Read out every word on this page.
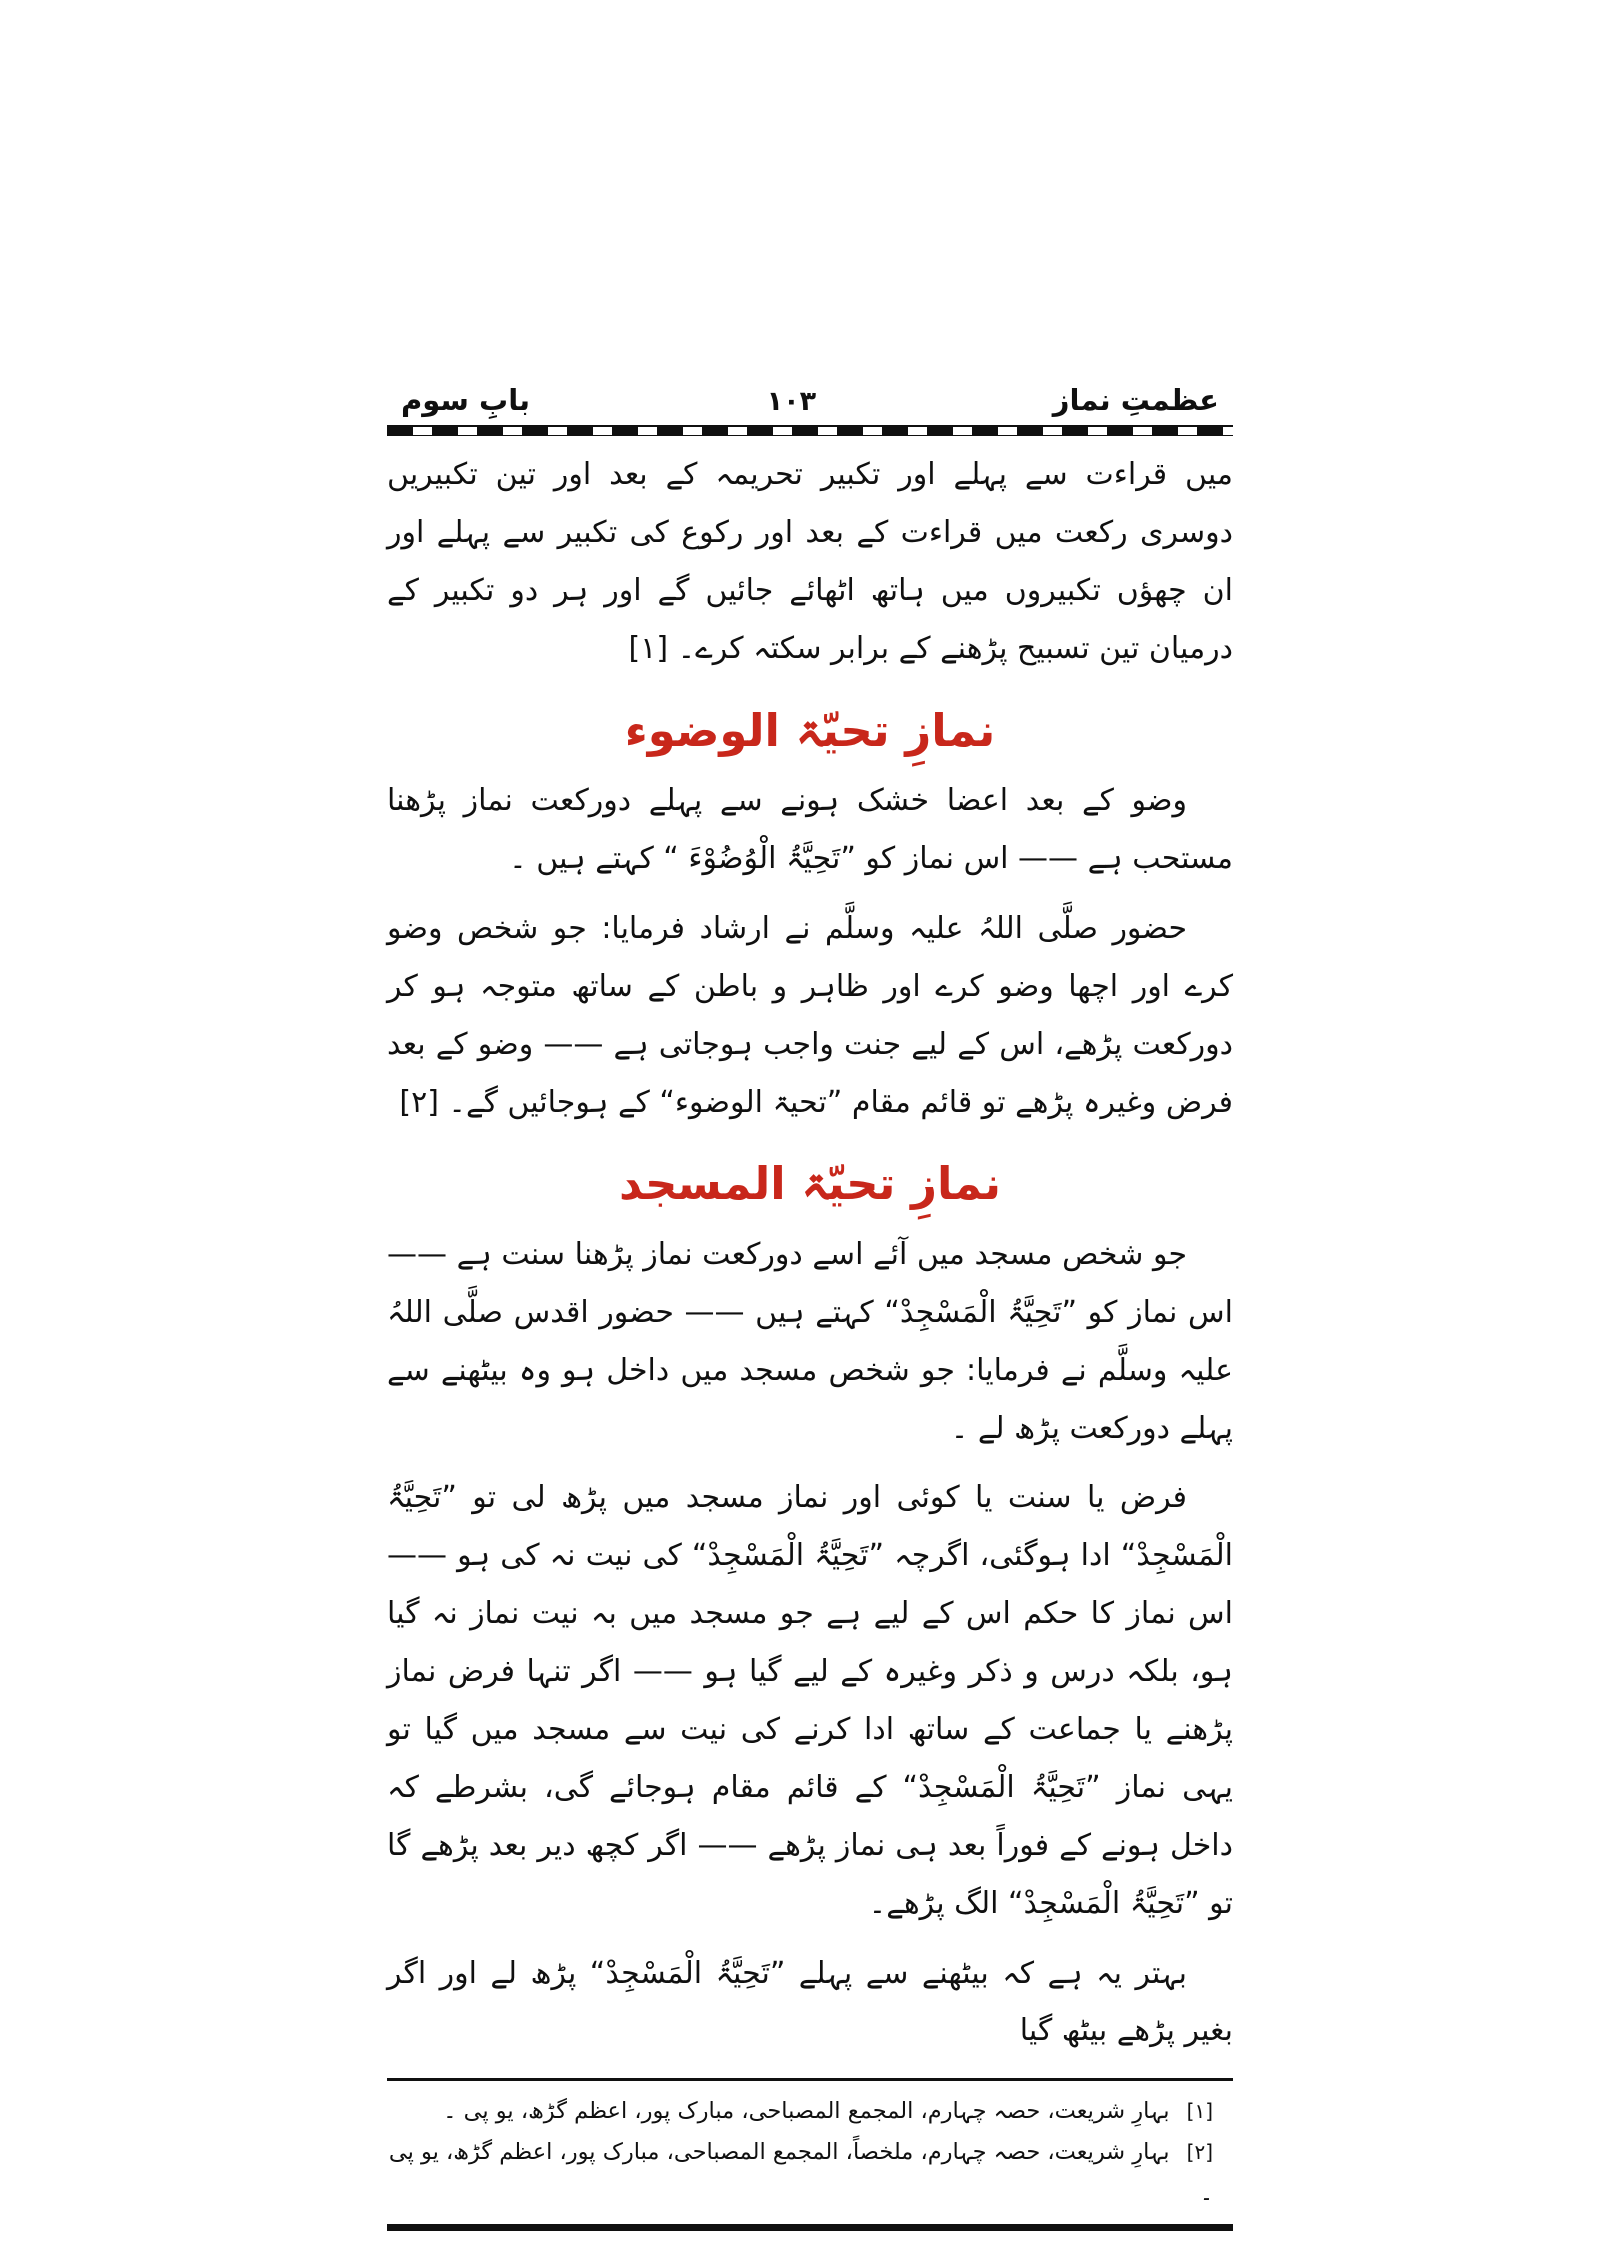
عظمتِ نماز
۱۰۳
بابِ سوم

میں قراءت سے پہلے اور تکبیر تحریمہ کے بعد اور تین تکبیریں دوسری رکعت میں قراءت کے بعد اور رکوع کی تکبیر سے پہلے اور ان چھؤں تکبیروں میں ہاتھ اٹھائے جائیں گے اور ہر دو تکبیر کے درمیان تین تسبیح پڑھنے کے برابر سکتہ کرے۔ [۱]

نمازِ تحیّۃ الوضوء

وضو کے بعد اعضا خشک ہونے سے پہلے دورکعت نماز پڑھنا مستحب ہے —— اس نماز کو ”تَحِیَّۃُ الْوُضُوْءَ “ کہتے ہیں ۔

حضور صلَّی اللہُ علیہ وسلَّم نے ارشاد فرمایا: جو شخص وضو کرے اور اچھا وضو کرے اور ظاہر و باطن کے ساتھ متوجہ ہو کر دورکعت پڑھے، اس کے لیے جنت واجب ہوجاتی ہے —— وضو کے بعد فرض وغیرہ پڑھے تو قائم مقام ”تحیۃ الوضوء“ کے ہوجائیں گے۔ [۲]

نمازِ تحیّۃ المسجد

جو شخص مسجد میں آئے اسے دورکعت نماز پڑھنا سنت ہے —— اس نماز کو ”تَحِیَّۃُ الْمَسْجِدْ“ کہتے ہیں —— حضور اقدس صلَّی اللہُ علیہ وسلَّم نے فرمایا: جو شخص مسجد میں داخل ہو وہ بیٹھنے سے پہلے دورکعت پڑھ لے ۔

فرض یا سنت یا کوئی اور نماز مسجد میں پڑھ لی تو ”تَحِیَّۃُ الْمَسْجِدْ“ ادا ہوگئی، اگرچہ ”تَحِیَّۃُ الْمَسْجِدْ“ کی نیت نہ کی ہو —— اس نماز کا حکم اس کے لیے ہے جو مسجد میں بہ نیت نماز نہ گیا ہو، بلکہ درس و ذکر وغیرہ کے لیے گیا ہو —— اگر تنہا فرض نماز پڑھنے یا جماعت کے ساتھ ادا کرنے کی نیت سے مسجد میں گیا تو یہی نماز ”تَحِیَّۃُ الْمَسْجِدْ“ کے قائم مقام ہوجائے گی، بشرطے کہ داخل ہونے کے فوراً بعد ہی نماز پڑھے —— اگر کچھ دیر بعد پڑھے گا تو ”تَحِیَّۃُ الْمَسْجِدْ“ الگ پڑھے۔

بہتر یہ ہے کہ بیٹھنے سے پہلے ”تَحِیَّۃُ الْمَسْجِدْ“ پڑھ لے اور اگر بغیر پڑھے بیٹھ گیا

[۱] بہارِ شریعت، حصہ چہارم، المجمع المصباحی، مبارک پور، اعظم گڑھ، یو پی ۔
[۲] بہارِ شریعت، حصہ چہارم، ملخصاً، المجمع المصباحی، مبارک پور، اعظم گڑھ، یو پی ۔
